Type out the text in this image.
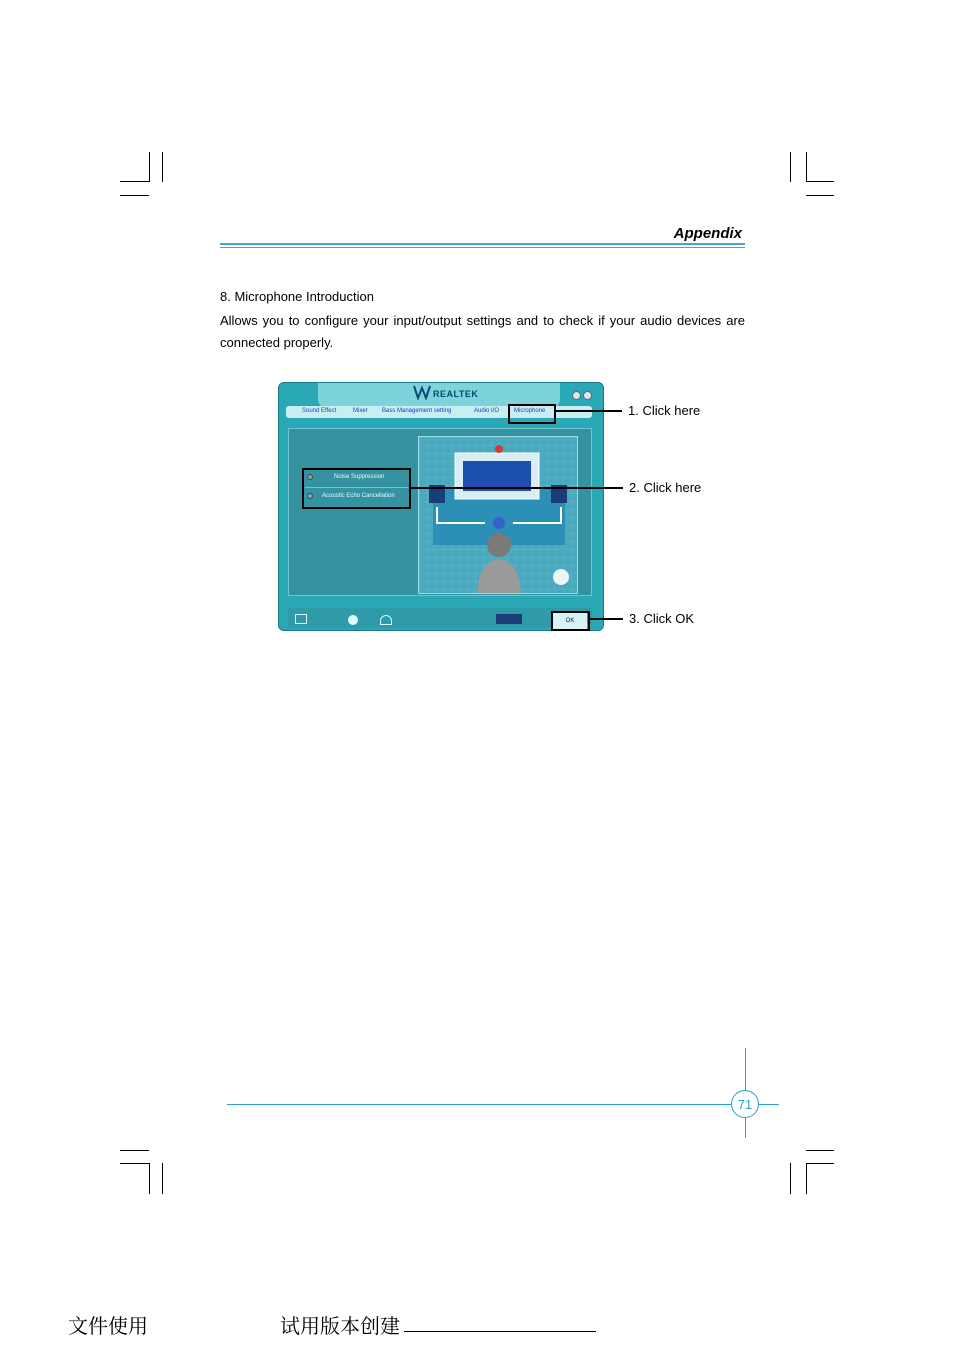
Appendix
8. Microphone Introduction
Allows you to configure your input/output settings and to check if your audio devices are connected properly.
REALTEK
Sound Effect	Mixer Bass Management setting	Audio I/O Microphone
Noise Suppression
Acoustic Echo Cancellation
OK
1. Click here
2. Click here
3. Click OK
71
文件使用	试用版本创建
